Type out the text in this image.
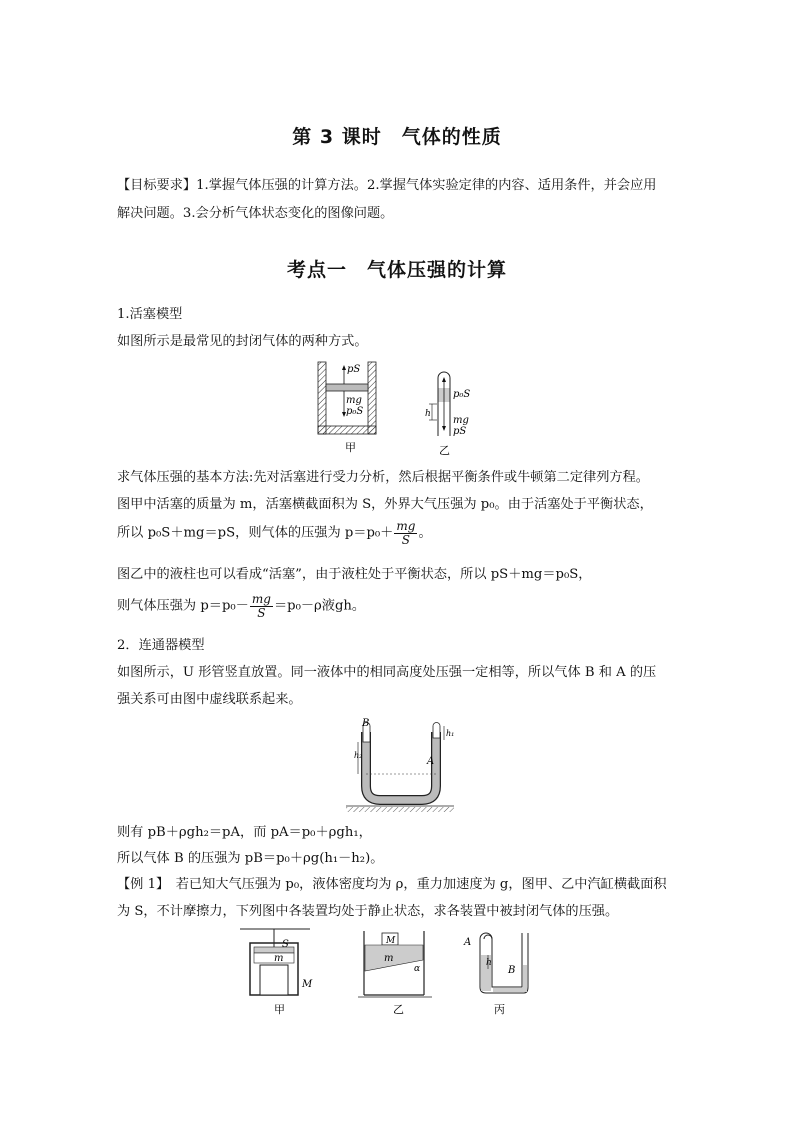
第 3 课时　气体的性质
【目标要求】1.掌握气体压强的计算方法。2.掌握气体实验定律的内容、适用条件，并会应用
解决问题。3.会分析气体状态变化的图像问题。
考点一　气体压强的计算
1.活塞模型
如图所示是最常见的封闭气体的两种方式。
pS
mg
p₀S
甲
h
p₀S
mg
pS
乙
求气体压强的基本方法:先对活塞进行受力分析，然后根据平衡条件或牛顿第二定律列方程。
图甲中活塞的质量为 m，活塞横截面积为 S，外界大气压强为 p₀。由于活塞处于平衡状态，
所以 p₀S＋mg＝pS，则气体的压强为 $p=p_0+ \frac{mg}{S}$ 。
图乙中的液柱也可以看成“活塞”，由于液柱处于平衡状态，所以 pS＋mg＝p₀S，
则气体压强为 $p=p_0- \frac{mg}{S} =p_0-\rho$液gh。
2．连通器模型
如图所示，U 形管竖直放置。同一液体中的相同高度处压强一定相等，所以气体 B 和 A 的压
强关系可由图中虚线联系起来。
B
A
h₂
h₁
则有 pB＋ρgh₂＝pA，而 pA＝p₀＋ρgh₁，
所以气体 B 的压强为 pB＝p₀＋ρg(h₁－h₂)。
【例 1】　若已知大气压强为 p₀，液体密度均为 ρ，重力加速度为 g，图甲、乙中汽缸横截面积
为 S，不计摩擦力，下列图中各装置均处于静止状态，求各装置中被封闭气体的压强。
S
m
M
甲
M
m
α
乙
A
h
B
丙
